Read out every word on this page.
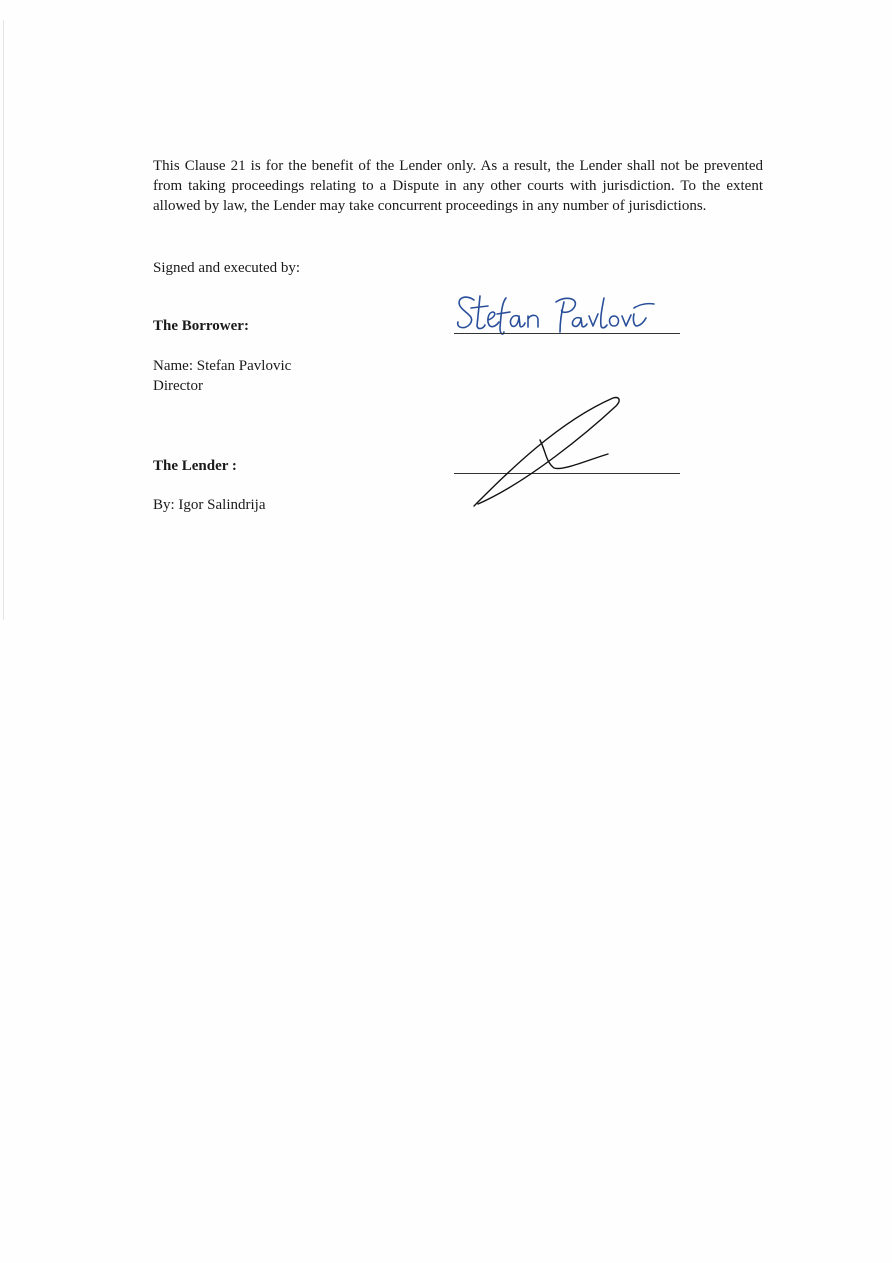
This Clause 21 is for the benefit of the Lender only. As a result, the Lender shall not be prevented from taking proceedings relating to a Dispute in any other courts with jurisdiction. To the extent allowed by law, the Lender may take concurrent proceedings in any number of jurisdictions.

Signed and executed by:
The Borrower:
Name: Stefan Pavlovic
Director
The Lender :
By: Igor Salindrija
